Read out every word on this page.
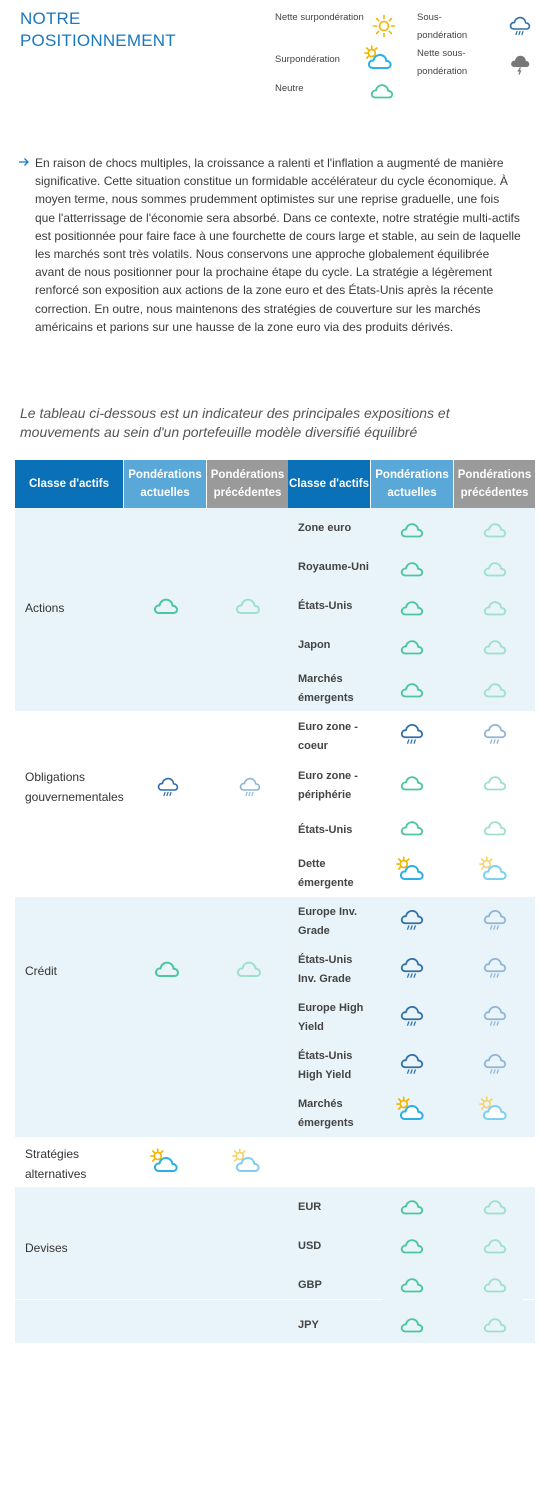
NOTRE POSITIONNEMENT
Nette surpondération
Surpondération
Neutre
Sous-pondération
Nette sous-pondération
En raison de chocs multiples, la croissance a ralenti et l'inflation a augmenté de manière significative. Cette situation constitue un formidable accélérateur du cycle économique. À moyen terme, nous sommes prudemment optimistes sur une reprise graduelle, une fois que l'atterrissage de l'économie sera absorbé. Dans ce contexte, notre stratégie multi-actifs est positionnée pour faire face à une fourchette de cours large et stable, au sein de laquelle les marchés sont très volatils. Nous conservons une approche globalement équilibrée avant de nous positionner pour la prochaine étape du cycle. La stratégie a légèrement renforcé son exposition aux actions de la zone euro et des États-Unis après la récente correction. En outre, nous maintenons des stratégies de couverture sur les marchés américains et parions sur une hausse de la zone euro via des produits dérivés.
Le tableau ci-dessous est un indicateur des principales expositions et mouvements au sein d'un portefeuille modèle diversifié équilibré
Classe d'actifs
Pondérations actuelles
Pondérations précédentes
Classe d'actifs
Pondérations actuelles
Pondérations précédentes
Actions
Obligations gouvernementales
Crédit
Stratégies alternatives
Devises
Zone euro
Royaume-Uni
États-Unis
Japon
Marchés émergents
Euro zone - coeur
Euro zone - périphérie
États-Unis
Dette émergente
Europe Inv. Grade
États-Unis Inv. Grade
Europe High Yield
États-Unis High Yield
Marchés émergents
EUR
USD
GBP
JPY
